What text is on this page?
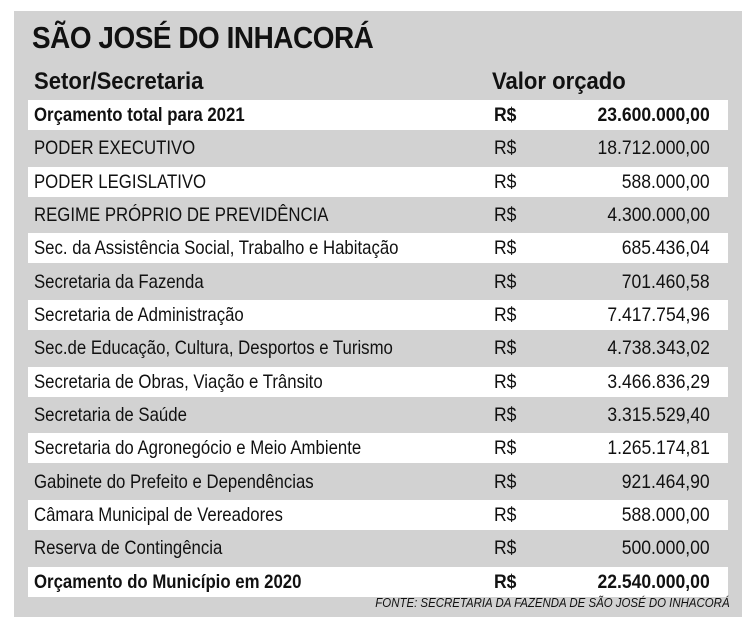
SÃO JOSÉ DO INHACORÁ
Setor/Secretaria	Valor orçado
Orçamento total para 2021	R$	23.600.000,00
PODER EXECUTIVO	R$	18.712.000,00
PODER LEGISLATIVO	R$	588.000,00
REGIME PRÓPRIO DE PREVIDÊNCIA	R$	4.300.000,00
Sec. da Assistência Social, Trabalho e Habitação	R$	685.436,04
Secretaria da Fazenda	R$	701.460,58
Secretaria de Administração	R$	7.417.754,96
Sec.de Educação, Cultura, Desportos e Turismo	R$	4.738.343,02
Secretaria de Obras, Viação e Trânsito	R$	3.466.836,29
Secretaria de Saúde	R$	3.315.529,40
Secretaria do Agronegócio e Meio Ambiente	R$	1.265.174,81
Gabinete do Prefeito e Dependências	R$	921.464,90
Câmara Municipal de Vereadores	R$	588.000,00
Reserva de Contingência	R$	500.000,00
Orçamento do Município em 2020	R$	22.540.000,00
FONTE: SECRETARIA DA FAZENDA DE SÃO JOSÉ DO INHACORÁ
